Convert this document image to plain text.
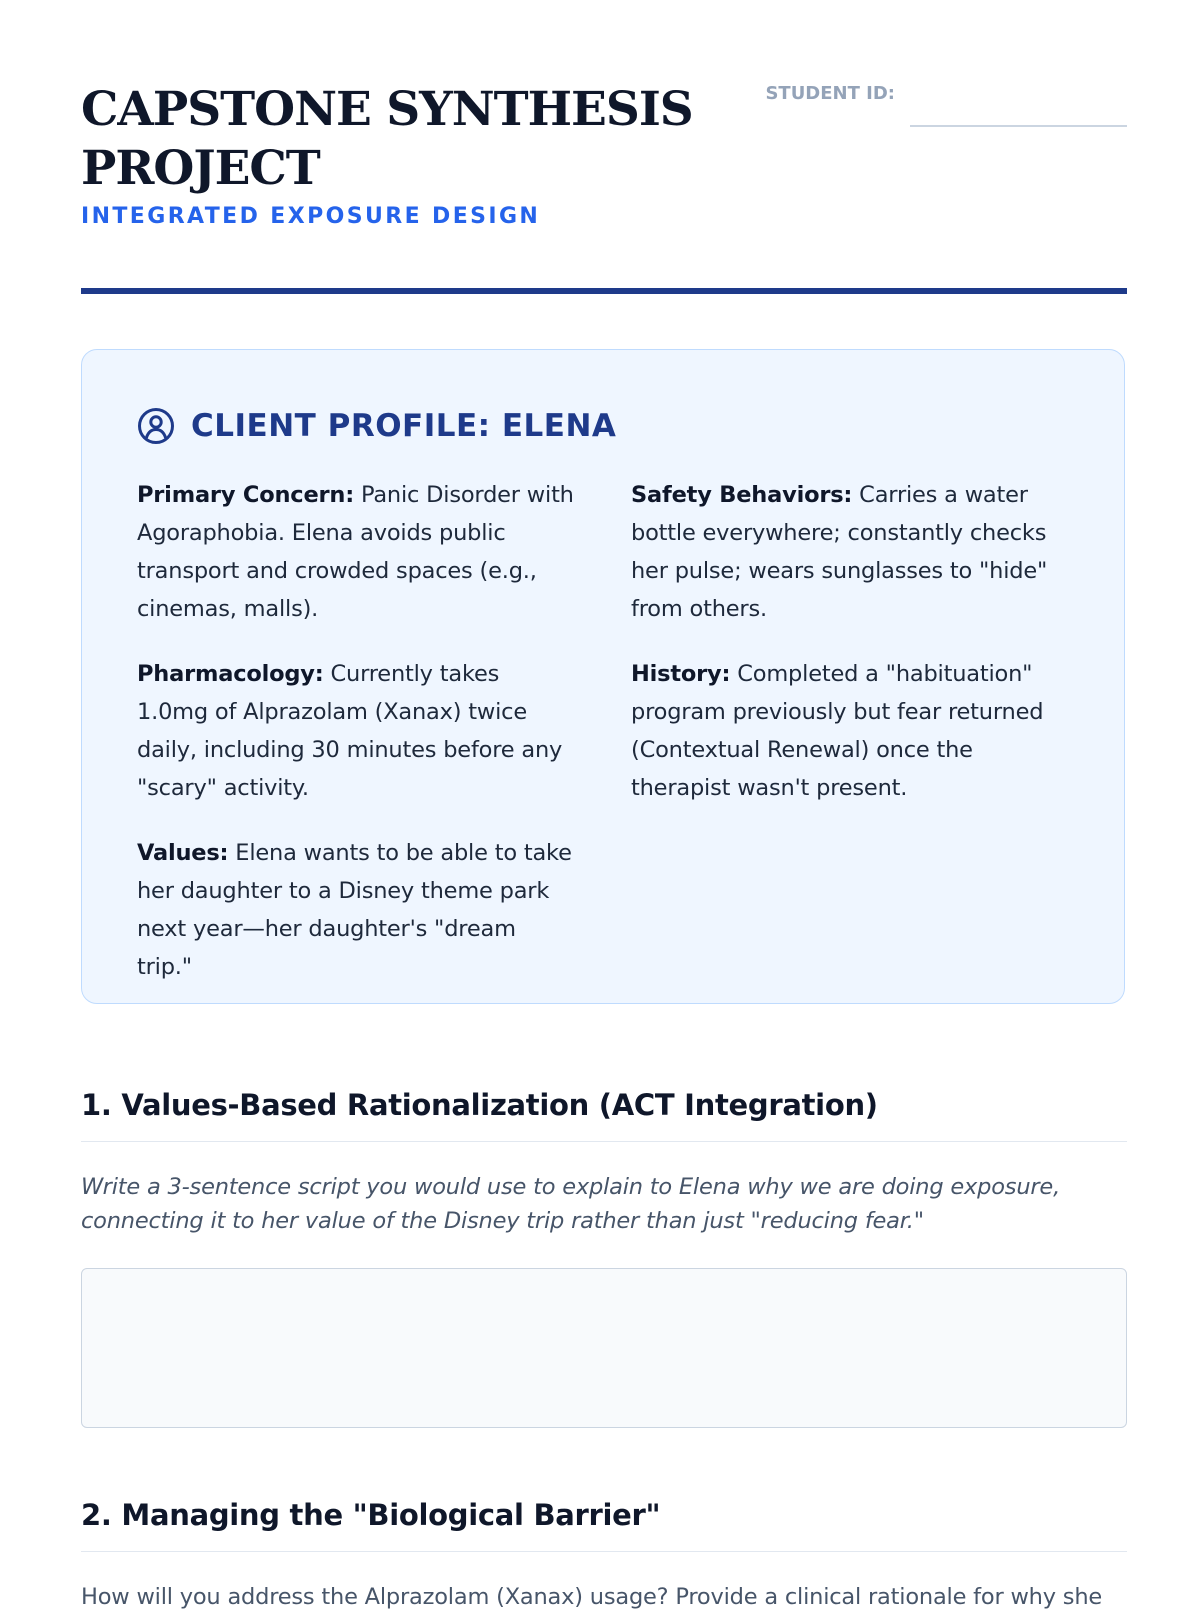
CAPSTONE SYNTHESIS PROJECT

INTEGRATED EXPOSURE DESIGN

STUDENT ID:
CLIENT PROFILE: ELENA

Primary Concern: Panic Disorder with Agoraphobia. Elena avoids public transport and crowded spaces (e.g., cinemas, malls).

Pharmacology: Currently takes 1.0mg of Alprazolam (Xanax) twice daily, including 30 minutes before any "scary" activity.

Values: Elena wants to be able to take her daughter to a Disney theme park next year—her daughter's "dream trip."

Safety Behaviors: Carries a water bottle everywhere; constantly checks her pulse; wears sunglasses to "hide" from others.

History: Completed a "habituation" program previously but fear returned (Contextual Renewal) once the therapist wasn't present.

1. Values-Based Rationalization (ACT Integration)

Write a 3-sentence script you would use to explain to Elena why we are doing exposure, connecting it to her value of the Disney trip rather than just "reducing fear."

2. Managing the "Biological Barrier"

How will you address the Alprazolam (Xanax) usage? Provide a clinical rationale for why she
